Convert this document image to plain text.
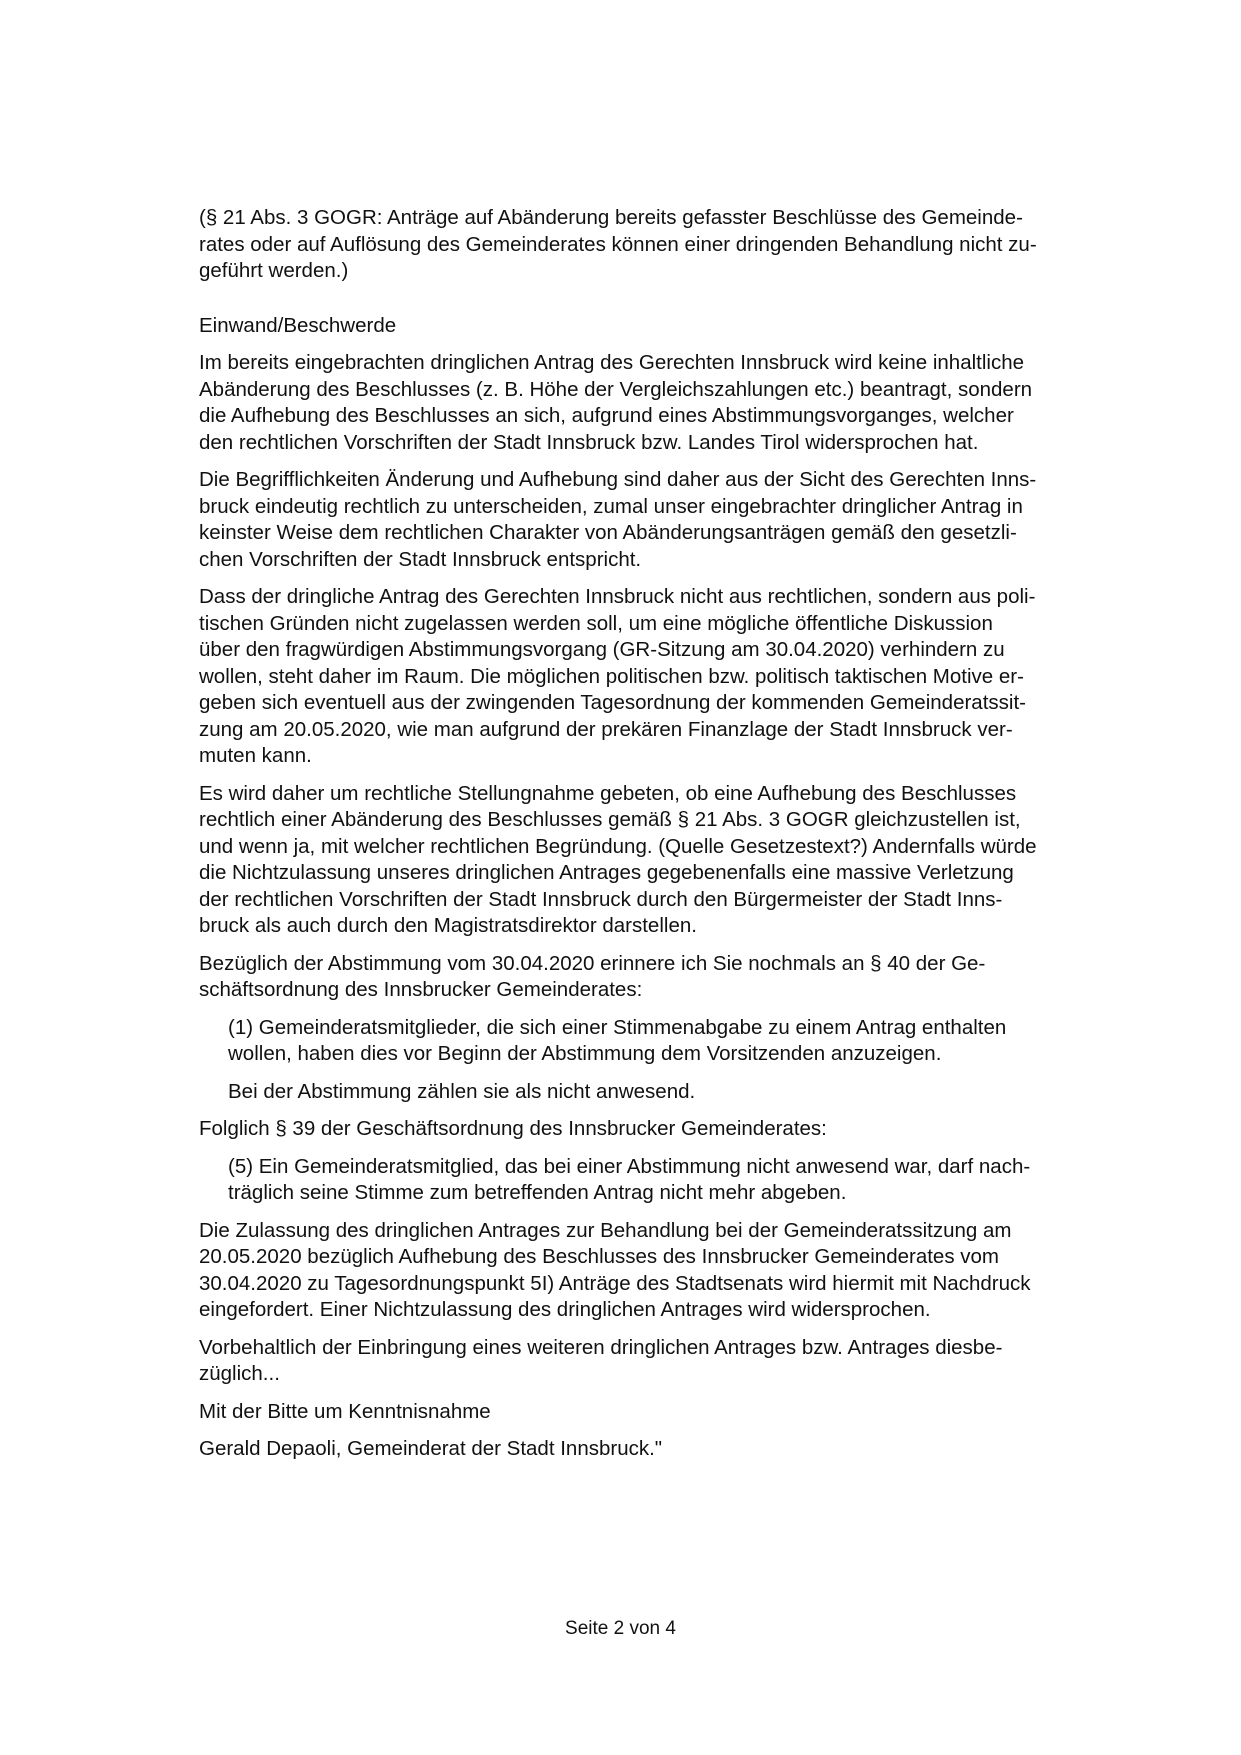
(§ 21 Abs. 3 GOGR: Anträge auf Abänderung bereits gefasster Beschlüsse des Gemeinde-
rates oder auf Auflösung des Gemeinderates können einer dringenden Behandlung nicht zu-
geführt werden.)

Einwand/Beschwerde

Im bereits eingebrachten dringlichen Antrag des Gerechten Innsbruck wird keine inhaltliche
Abänderung des Beschlusses (z. B. Höhe der Vergleichszahlungen etc.) beantragt, sondern
die Aufhebung des Beschlusses an sich, aufgrund eines Abstimmungsvorganges, welcher
den rechtlichen Vorschriften der Stadt Innsbruck bzw. Landes Tirol widersprochen hat.

Die Begrifflichkeiten Änderung und Aufhebung sind daher aus der Sicht des Gerechten Inns-
bruck eindeutig rechtlich zu unterscheiden, zumal unser eingebrachter dringlicher Antrag in
keinster Weise dem rechtlichen Charakter von Abänderungsanträgen gemäß den gesetzli-
chen Vorschriften der Stadt Innsbruck entspricht.

Dass der dringliche Antrag des Gerechten Innsbruck nicht aus rechtlichen, sondern aus poli-
tischen Gründen nicht zugelassen werden soll, um eine mögliche öffentliche Diskussion
über den fragwürdigen Abstimmungsvorgang (GR-Sitzung am 30.04.2020) verhindern zu
wollen, steht daher im Raum. Die möglichen politischen bzw. politisch taktischen Motive er-
geben sich eventuell aus der zwingenden Tagesordnung der kommenden Gemeinderatssit-
zung am 20.05.2020, wie man aufgrund der prekären Finanzlage der Stadt Innsbruck ver-
muten kann.

Es wird daher um rechtliche Stellungnahme gebeten, ob eine Aufhebung des Beschlusses
rechtlich einer Abänderung des Beschlusses gemäß § 21 Abs. 3 GOGR gleichzustellen ist,
und wenn ja, mit welcher rechtlichen Begründung. (Quelle Gesetzestext?) Andernfalls würde
die Nichtzulassung unseres dringlichen Antrages gegebenenfalls eine massive Verletzung
der rechtlichen Vorschriften der Stadt Innsbruck durch den Bürgermeister der Stadt Inns-
bruck als auch durch den Magistratsdirektor darstellen.

Bezüglich der Abstimmung vom 30.04.2020 erinnere ich Sie nochmals an § 40 der Ge-
schäftsordnung des Innsbrucker Gemeinderates:

(1) Gemeinderatsmitglieder, die sich einer Stimmenabgabe zu einem Antrag enthalten
wollen, haben dies vor Beginn der Abstimmung dem Vorsitzenden anzuzeigen.

Bei der Abstimmung zählen sie als nicht anwesend.

Folglich § 39 der Geschäftsordnung des Innsbrucker Gemeinderates:

(5) Ein Gemeinderatsmitglied, das bei einer Abstimmung nicht anwesend war, darf nach-
träglich seine Stimme zum betreffenden Antrag nicht mehr abgeben.

Die Zulassung des dringlichen Antrages zur Behandlung bei der Gemeinderatssitzung am
20.05.2020 bezüglich Aufhebung des Beschlusses des Innsbrucker Gemeinderates vom
30.04.2020 zu Tagesordnungspunkt 5I) Anträge des Stadtsenats wird hiermit mit Nachdruck
eingefordert. Einer Nichtzulassung des dringlichen Antrages wird widersprochen.

Vorbehaltlich der Einbringung eines weiteren dringlichen Antrages bzw. Antrages diesbe-
züglich...

Mit der Bitte um Kenntnisnahme

Gerald Depaoli, Gemeinderat der Stadt Innsbruck."

Seite 2 von 4
